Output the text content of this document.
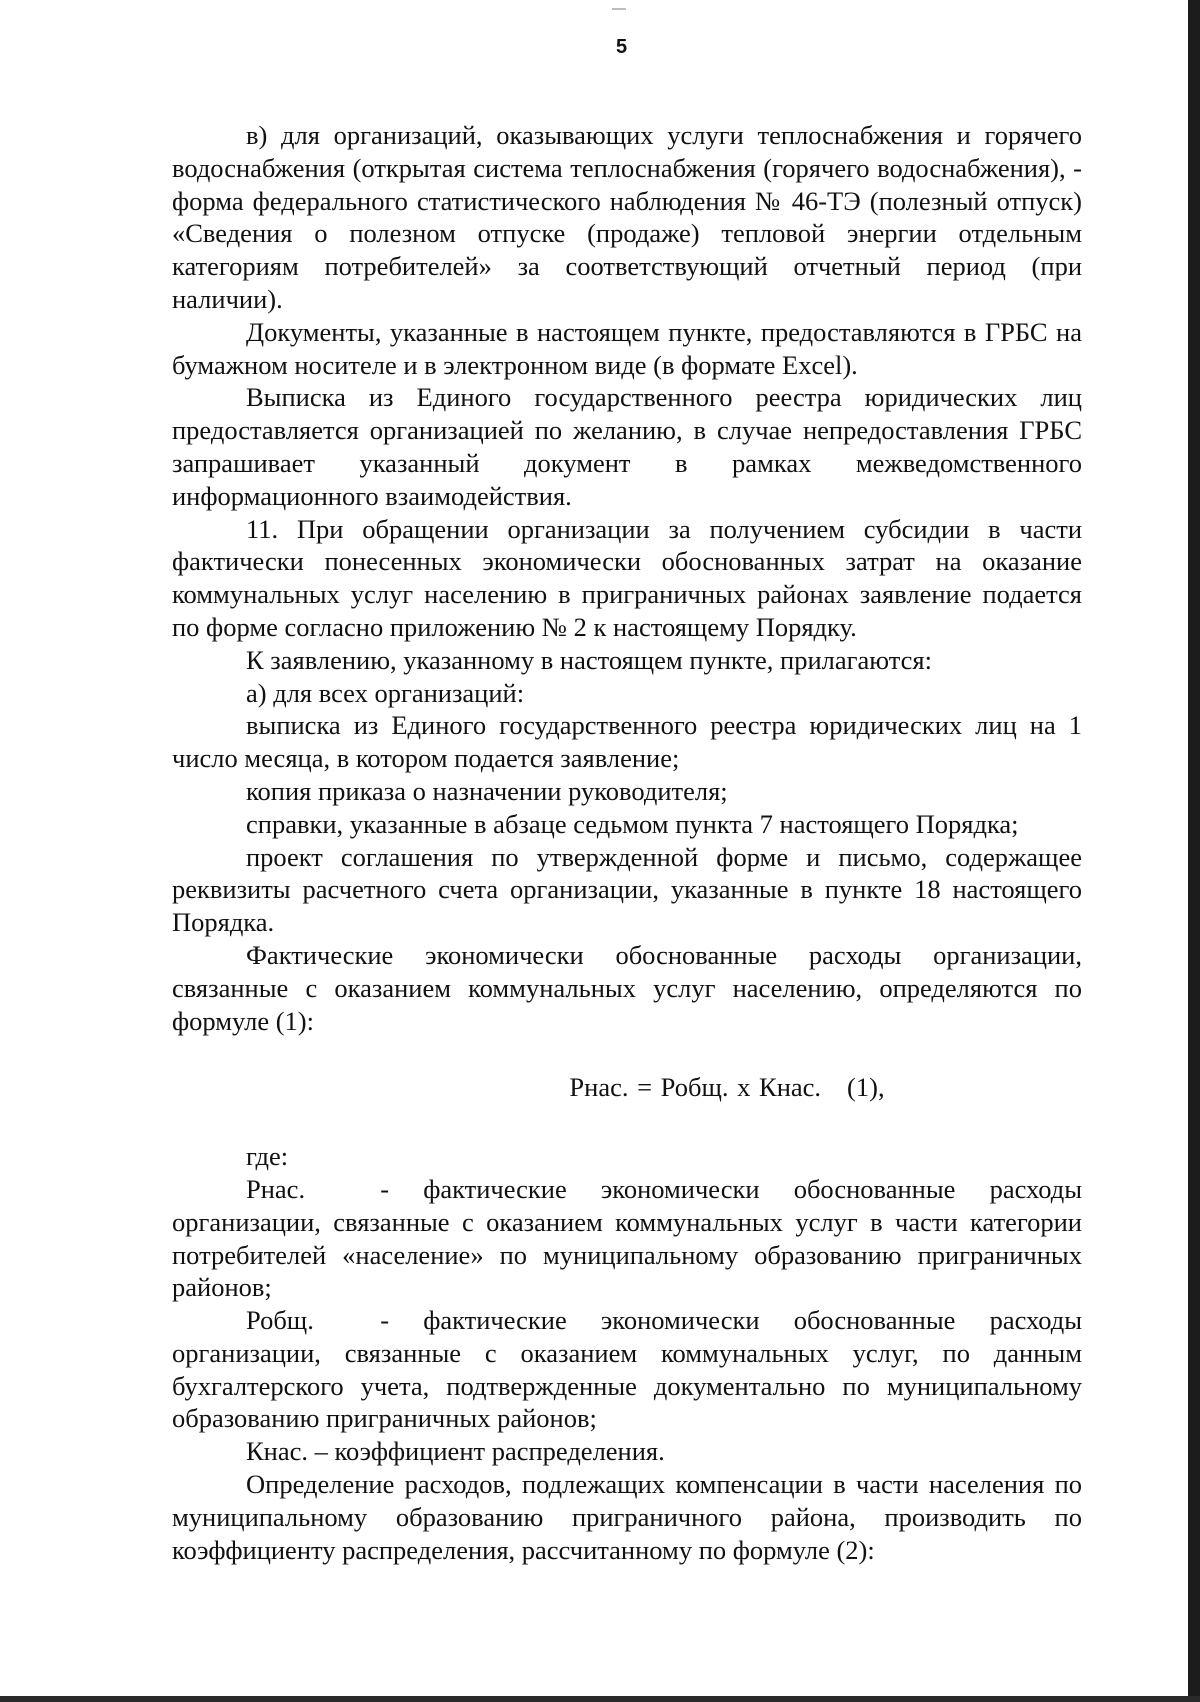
5

в) для организаций, оказывающих услуги теплоснабжения и горячего водоснабжения (открытая система теплоснабжения (горячего водоснабжения), - форма федерального статистического наблюдения № 46-ТЭ (полезный отпуск) «Сведения о полезном отпуске (продаже) тепловой энергии отдельным категориям потребителей» за соответствующий отчетный период (при наличии).

Документы, указанные в настоящем пункте, предоставляются в ГРБС на бумажном носителе и в электронном виде (в формате Excel).

Выписка из Единого государственного реестра юридических лиц предоставляется организацией по желанию, в случае непредоставления ГРБС запрашивает указанный документ в рамках межведомственного информационного взаимодействия.

11. При обращении организации за получением субсидии в части фактически понесенных экономически обоснованных затрат на оказание коммунальных услуг населению в приграничных районах заявление подается по форме согласно приложению № 2 к настоящему Порядку.

К заявлению, указанному в настоящем пункте, прилагаются:

а) для всех организаций:

выписка из Единого государственного реестра юридических лиц на 1 число месяца, в котором подается заявление;

копия приказа о назначении руководителя;

справки, указанные в абзаце седьмом пункта 7 настоящего Порядка;

проект соглашения по утвержденной форме и письмо, содержащее реквизиты расчетного счета организации, указанные в пункте 18 настоящего Порядка.

Фактические экономически обоснованные расходы организации, связанные с оказанием коммунальных услуг населению, определяются по формуле (1):

Рнас. = Робщ. х Кнас. (1),

где:

Рнас.	- фактические экономически обоснованные расходы организации, связанные с оказанием коммунальных услуг в части категории потребителей «население» по муниципальному образованию приграничных районов;

Робщ.	- фактические экономически обоснованные расходы организации, связанные с оказанием коммунальных услуг, по данным бухгалтерского учета, подтвержденные документально по муниципальному образованию приграничных районов;

Кнас. – коэффициент распределения.

Определение расходов, подлежащих компенсации в части населения по муниципальному образованию приграничного района, производить по коэффициенту распределения, рассчитанному по формуле (2):
